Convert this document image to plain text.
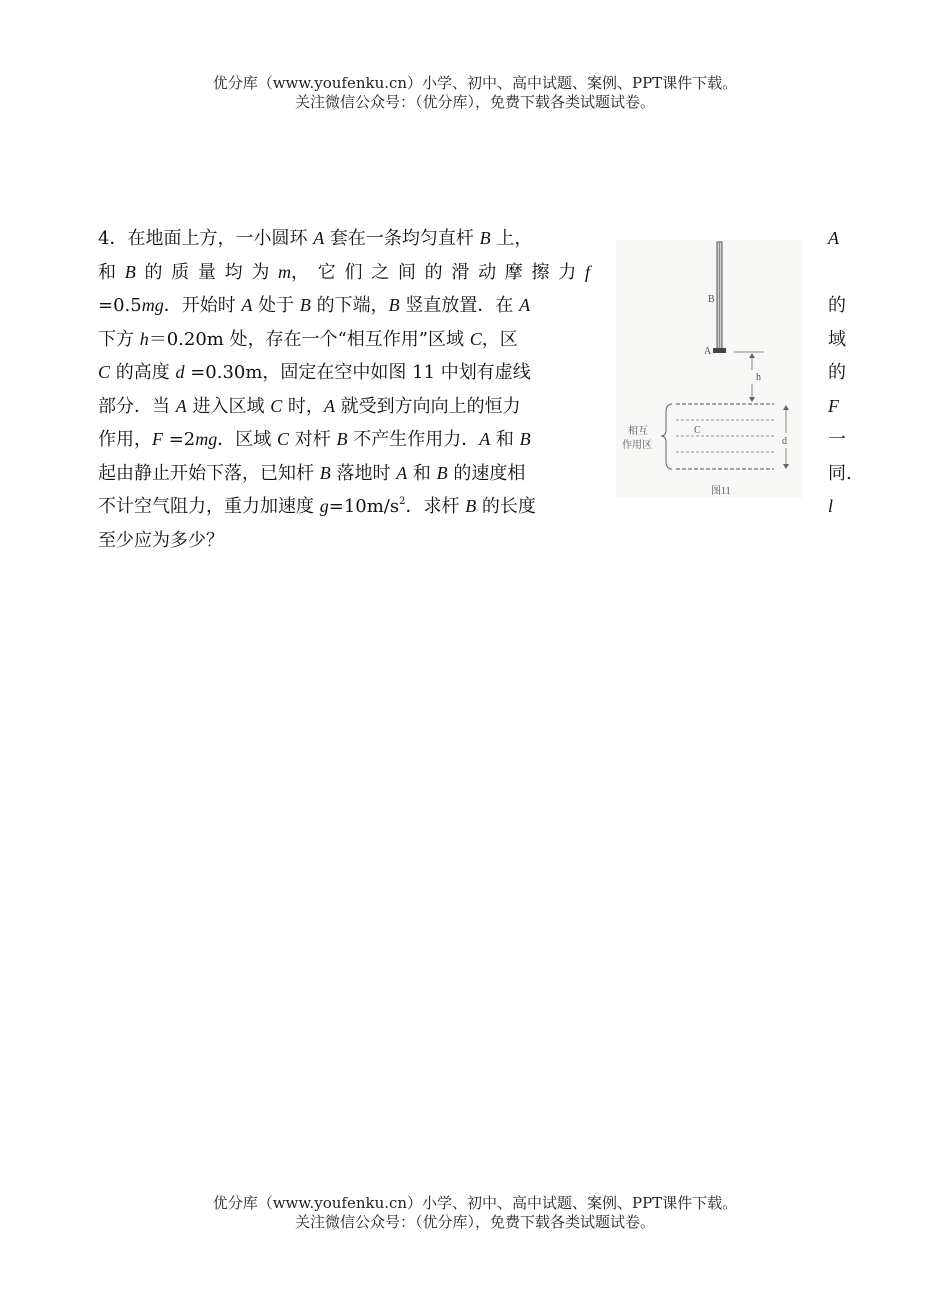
优分库（www.youfenku.cn）小学、初中、高中试题、案例、PPT课件下载。
关注微信公众号：（优分库），免费下载各类试题试卷。
4．在地面上方，一小圆环 A 套在一条均匀直杆 B 上，
和 B 的 质 量 均 为 m， 它 们 之 间 的 滑 动 摩 擦 力 f
=0.5mg．开始时 A 处于 B 的下端，B 竖直放置．在 A
下方 h＝0.20m 处，存在一个“相互作用”区域 C，区
C 的高度 d =0.30m，固定在空中如图 11 中划有虚线
部分．当 A 进入区域 C 时，A 就受到方向向上的恒力
作用，F =2mg．区域 C 对杆 B 不产生作用力．A 和 B
起由静止开始下落，已知杆 B 落地时 A 和 B 的速度相
不计空气阻力，重力加速度 $g=10m/s^2$．求杆 B 的长度
至少应为多少？
A
的
域
的
F
一
同.
l
B
A
h
C
d
相互
作用区
图11
优分库（www.youfenku.cn）小学、初中、高中试题、案例、PPT课件下载。
关注微信公众号：（优分库），免费下载各类试题试卷。
